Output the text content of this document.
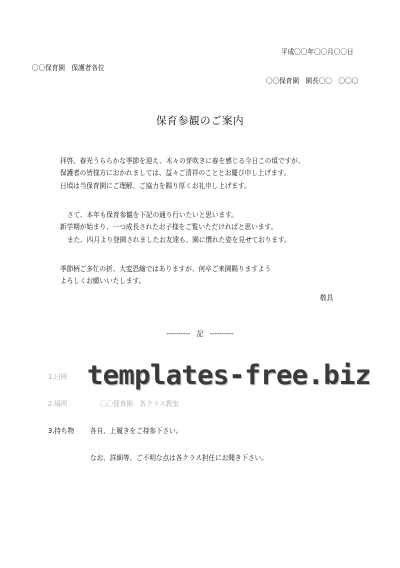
平成〇〇年〇〇月〇〇日
〇〇保育園　保護者各位
〇〇保育園　園長〇〇　〇〇〇
保育参観のご案内
拝啓。春光うららかな季節を迎え、木々の芽吹きに春を感じる今日この頃ですが、
保護者の皆様方におかれましては、益々ご清祥のこととお慶び申し上げます。
日頃は当保育園にご理解、ご協力を賜り厚くお礼申し上げます。
さて、本年も保育参観を下記の通り行いたいと思います。
新学期が始まり、一つ成長されたお子様をご覧いただければと思います。
また、四月より登園されましたお友達も、園に慣れた姿を見せております。
季節柄ご多忙の折、大変恐縮ではありますが、何卒ご来園賜りますよう
よろしくお願いいたします。
敬具
----------　記　----------
1.日時 templates-free.biz
2.場所	〇〇保育園　各クラス教室
3.持ち物 各自、上履きをご持参下さい。
なお、詳細等、ご不明な点は各クラス担任にお聞き下さい。
